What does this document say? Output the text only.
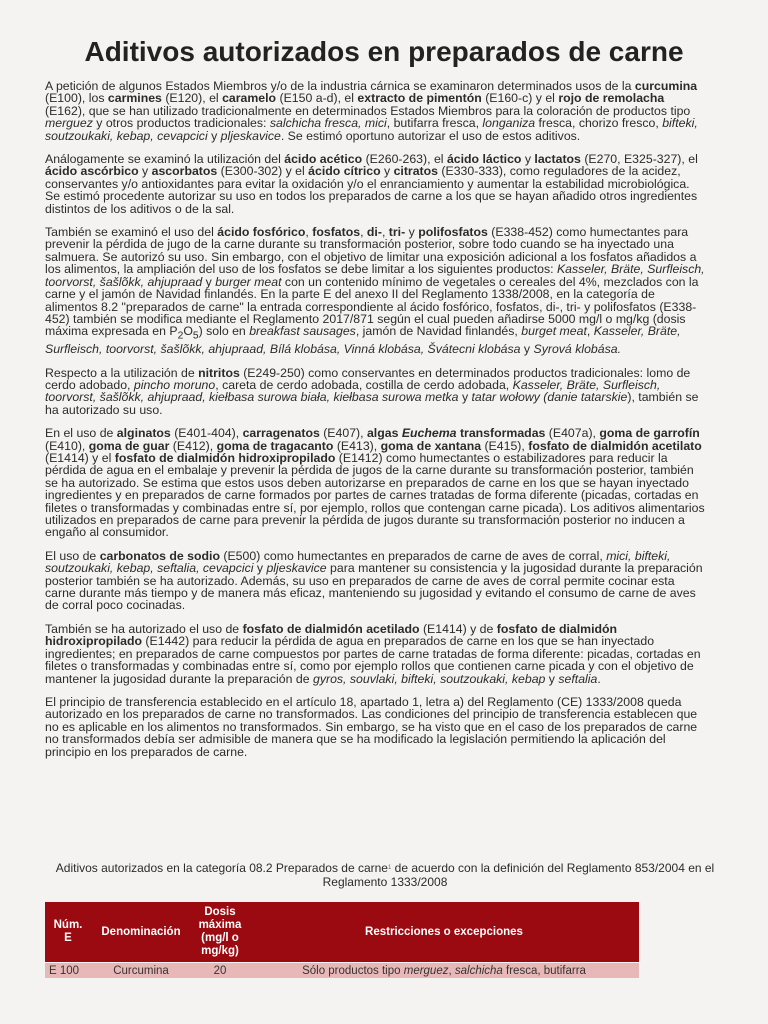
Aditivos autorizados en preparados de carne

A petición de algunos Estados Miembros y/o de la industria cárnica se examinaron determinados usos de la curcumina (E100), los carmines (E120), el caramelo (E150 a-d), el extracto de pimentón (E160-c) y el rojo de remolacha (E162), que se han utilizado tradicionalmente en determinados Estados Miembros para la coloración de productos tipo merguez y otros productos tradicionales: salchicha fresca, mici, butifarra fresca, longaniza fresca, chorizo fresco, bifteki, soutzoukaki, kebap, cevapcici y pljeskavice. Se estimó oportuno autorizar el uso de estos aditivos.

Análogamente se examinó la utilización del ácido acético (E260-263), el ácido láctico y lactatos (E270, E325-327), el ácido ascórbico y ascorbatos (E300-302) y el ácido cítrico y citratos (E330-333), como reguladores de la acidez, conservantes y/o antioxidantes para evitar la oxidación y/o el enranciamiento y aumentar la estabilidad microbiológica. Se estimó procedente autorizar su uso en todos los preparados de carne a los que se hayan añadido otros ingredientes distintos de los aditivos o de la sal.

También se examinó el uso del ácido fosfórico, fosfatos, di-, tri- y polifosfatos (E338-452) como humectantes para prevenir la pérdida de jugo de la carne durante su transformación posterior, sobre todo cuando se ha inyectado una salmuera. Se autorizó su uso. Sin embargo, con el objetivo de limitar una exposición adicional a los fosfatos añadidos a los alimentos, la ampliación del uso de los fosfatos se debe limitar a los siguientes productos: Kasseler, Bräte, Surfleisch, toorvorst, šašlõkk, ahjupraad y burger meat con un contenido mínimo de vegetales o cereales del 4%, mezclados con la carne y el jamón de Navidad finlandés. En la parte E del anexo II del Reglamento 1338/2008, en la categoría de alimentos 8.2 "preparados de carne" la entrada correspondiente al ácido fosfórico, fosfatos, di-, tri- y polifosfatos (E338-452) también se modifica mediante el Reglamento 2017/871 según el cual pueden añadirse 5000 mg/l o mg/kg (dosis máxima expresada en $P_2O_5$) solo en breakfast sausages, jamón de Navidad finlandés, burget meat, Kasseler, Bräte, Surfleisch, toorvorst, šašlõkk, ahjupraad, Bílá klobása, Vinná klobása, Švátecni klobása y Syrová klobása.

Respecto a la utilización de nitritos (E249-250) como conservantes en determinados productos tradicionales: lomo de cerdo adobado, pincho moruno, careta de cerdo adobada, costilla de cerdo adobada, Kasseler, Bräte, Surfleisch, toorvorst, šašlõkk, ahjupraad, kiełbasa surowa biała, kiełbasa surowa metka y tatar wołowy (danie tatarskie), también se ha autorizado su uso.

En el uso de alginatos (E401-404), carragenatos (E407), algas Euchema transformadas (E407a), goma de garrofín (E410), goma de guar (E412), goma de tragacanto (E413), goma de xantana (E415), fosfato de dialmidón acetilato (E1414) y el fosfato de dialmidón hidroxipropilado (E1412) como humectantes o estabilizadores para reducir la pérdida de agua en el embalaje y prevenir la pérdida de jugos de la carne durante su transformación posterior, también se ha autorizado. Se estima que estos usos deben autorizarse en preparados de carne en los que se hayan inyectado ingredientes y en preparados de carne formados por partes de carnes tratadas de forma diferente (picadas, cortadas en filetes o transformadas y combinadas entre sí, por ejemplo, rollos que contengan carne picada). Los aditivos alimentarios utilizados en preparados de carne para prevenir la pérdida de jugos durante su transformación posterior no inducen a engaño al consumidor.

El uso de carbonatos de sodio (E500) como humectantes en preparados de carne de aves de corral, mici, bifteki, soutzoukaki, kebap, seftalia, cevapcici y pljeskavice para mantener su consistencia y la jugosidad durante la preparación posterior también se ha autorizado. Además, su uso en preparados de carne de aves de corral permite cocinar esta carne durante más tiempo y de manera más eficaz, manteniendo su jugosidad y evitando el consumo de carne de aves de corral poco cocinadas.

También se ha autorizado el uso de fosfato de dialmidón acetilado (E1414) y de fosfato de dialmidón hidroxipropilado (E1442) para reducir la pérdida de agua en preparados de carne en los que se han inyectado ingredientes; en preparados de carne compuestos por partes de carne tratadas de forma diferente: picadas, cortadas en filetes o transformadas y combinadas entre sí, como por ejemplo rollos que contienen carne picada y con el objetivo de mantener la jugosidad durante la preparación de gyros, souvlaki, bifteki, soutzoukaki, kebap y seftalia.

El principio de transferencia establecido en el artículo 18, apartado 1, letra a) del Reglamento (CE) 1333/2008 queda autorizado en los preparados de carne no transformados. Las condiciones del principio de transferencia establecen que no es aplicable en los alimentos no transformados. Sin embargo, se ha visto que en el caso de los preparados de carne no transformados debía ser admisible de manera que se ha modificado la legislación permitiendo la aplicación del principio en los preparados de carne.

Aditivos autorizados en la categoría 08.2 Preparados de carne$^1$ de acuerdo con la definición del Reglamento 853/2004 en el Reglamento 1333/2008
Núm. E	Denominación	Dosis máxima (mg/l o mg/kg)	Restricciones o excepciones
E 100	Curcumina	20	Sólo productos tipo merguez, salchicha fresca, butifarra
